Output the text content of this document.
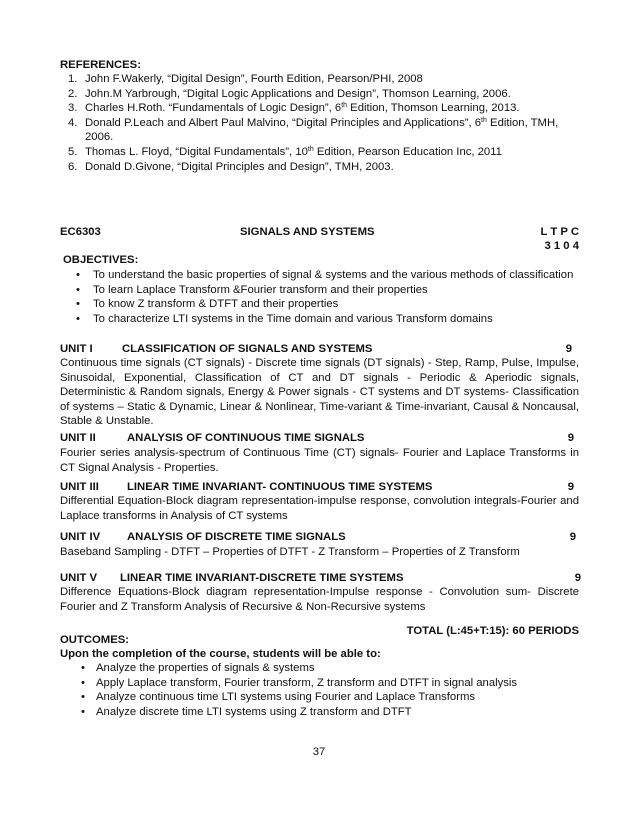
REFERENCES:
1. John F.Wakerly, “Digital Design”, Fourth Edition, Pearson/PHI, 2008
2. John.M Yarbrough, “Digital Logic Applications and Design”, Thomson Learning, 2006.
3. Charles H.Roth. “Fundamentals of Logic Design”, 6th Edition, Thomson Learning, 2013.
4. Donald P.Leach and Albert Paul Malvino, “Digital Principles and Applications”, 6th Edition, TMH, 2006.
5. Thomas L. Floyd, “Digital Fundamentals”, 10th Edition, Pearson Education Inc, 2011
6. Donald D.Givone, “Digital Principles and Design”, TMH, 2003.
EC6303	SIGNALS AND SYSTEMS	L T P C
3 1 0 4
OBJECTIVES:
• To understand the basic properties of signal & systems and the various methods of classification
• To learn Laplace Transform &Fourier transform and their properties
• To know Z transform & DTFT and their properties
• To characterize LTI systems in the Time domain and various Transform domains
UNIT I	CLASSIFICATION OF SIGNALS AND SYSTEMS	9
Continuous time signals (CT signals) - Discrete time signals (DT signals) - Step, Ramp, Pulse, Impulse, Sinusoidal, Exponential, Classification of CT and DT signals - Periodic & Aperiodic signals, Deterministic & Random signals, Energy & Power signals - CT systems and DT systems- Classification of systems – Static & Dynamic, Linear & Nonlinear, Time-variant & Time-invariant, Causal & Noncausal, Stable & Unstable.
UNIT II	ANALYSIS OF CONTINUOUS TIME SIGNALS	9
Fourier series analysis-spectrum of Continuous Time (CT) signals- Fourier and Laplace Transforms in CT Signal Analysis - Properties.
UNIT III LINEAR TIME INVARIANT- CONTINUOUS TIME SYSTEMS	9
Differential Equation-Block diagram representation-impulse response, convolution integrals-Fourier and Laplace transforms in Analysis of CT systems
UNIT IV ANALYSIS OF DISCRETE TIME SIGNALS	9
Baseband Sampling - DTFT – Properties of DTFT - Z Transform – Properties of Z Transform
UNIT V LINEAR TIME INVARIANT-DISCRETE TIME SYSTEMS	9
Difference Equations-Block diagram representation-Impulse response - Convolution sum- Discrete Fourier and Z Transform Analysis of Recursive & Non-Recursive systems
TOTAL (L:45+T:15): 60 PERIODS
OUTCOMES:
Upon the completion of the course, students will be able to:
• Analyze the properties of signals & systems
• Apply Laplace transform, Fourier transform, Z transform and DTFT in signal analysis
• Analyze continuous time LTI systems using Fourier and Laplace Transforms
• Analyze discrete time LTI systems using Z transform and DTFT
37
